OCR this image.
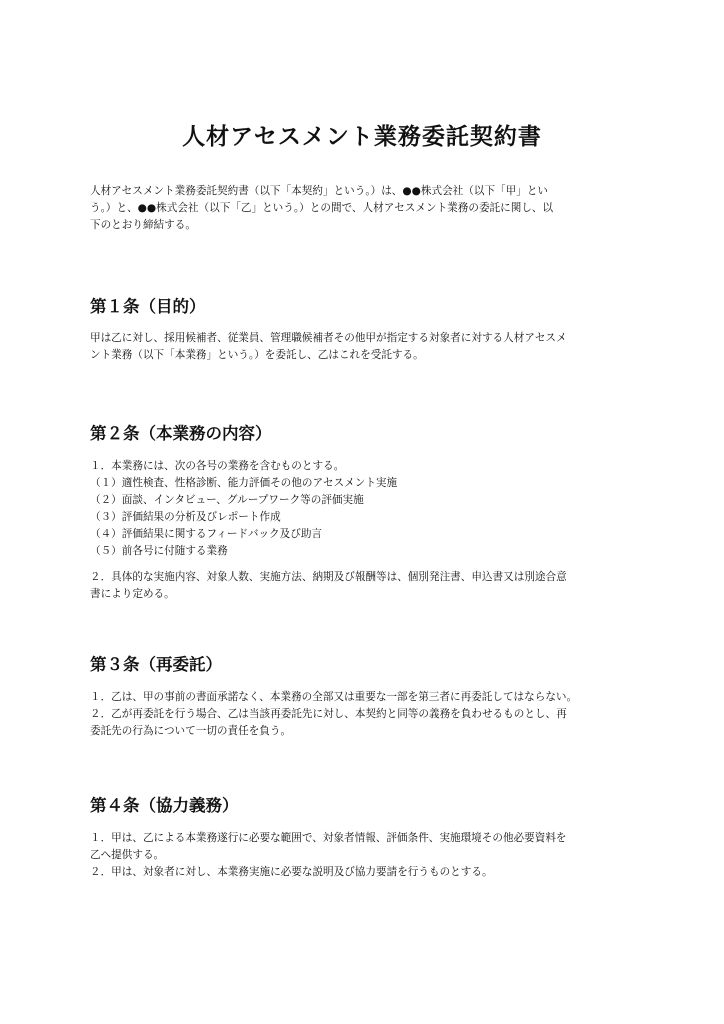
人材アセスメント業務委託契約書
人材アセスメント業務委託契約書（以下「本契約」という。）は、●●株式会社（以下「甲」とい
う。）と、●●株式会社（以下「乙」という。）との間で、人材アセスメント業務の委託に関し、以
下のとおり締結する。
第１条（目的）
甲は乙に対し、採用候補者、従業員、管理職候補者その他甲が指定する対象者に対する人材アセスメ
ント業務（以下「本業務」という。）を委託し、乙はこれを受託する。
第２条（本業務の内容）
１．本業務には、次の各号の業務を含むものとする。
（１）適性検査、性格診断、能力評価その他のアセスメント実施
（２）面談、インタビュー、グループワーク等の評価実施
（３）評価結果の分析及びレポート作成
（４）評価結果に関するフィードバック及び助言
（５）前各号に付随する業務
２．具体的な実施内容、対象人数、実施方法、納期及び報酬等は、個別発注書、申込書又は別途合意
書により定める。
第３条（再委託）
１．乙は、甲の事前の書面承諾なく、本業務の全部又は重要な一部を第三者に再委託してはならない。
２．乙が再委託を行う場合、乙は当該再委託先に対し、本契約と同等の義務を負わせるものとし、再
委託先の行為について一切の責任を負う。
第４条（協力義務）
１．甲は、乙による本業務遂行に必要な範囲で、対象者情報、評価条件、実施環境その他必要資料を
乙へ提供する。
２．甲は、対象者に対し、本業務実施に必要な説明及び協力要請を行うものとする。
